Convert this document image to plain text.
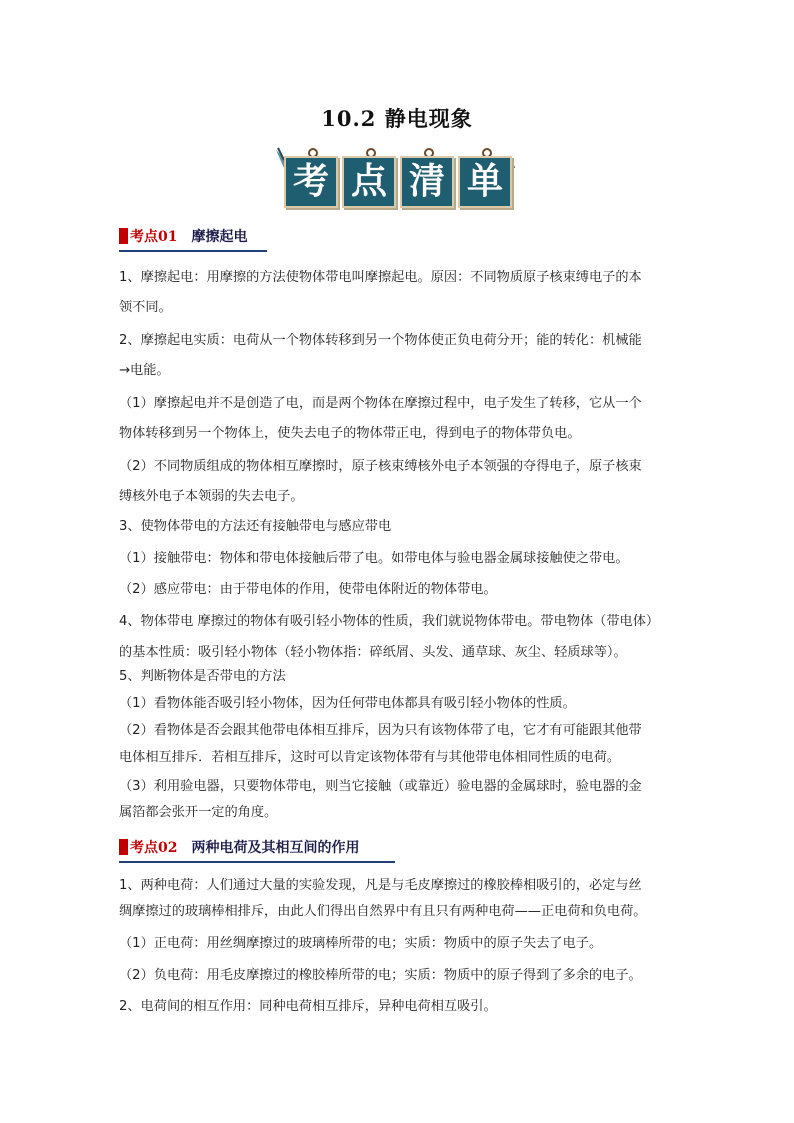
10.2 静电现象
考 点 清 单
考点01 摩擦起电
1、摩擦起电：用摩擦的方法使物体带电叫摩擦起电。原因：不同物质原子核束缚电子的本
领不同。
2、摩擦起电实质：电荷从一个物体转移到另一个物体使正负电荷分开；能的转化：机械能
→电能。
（1）摩擦起电并不是创造了电，而是两个物体在摩擦过程中，电子发生了转移，它从一个
物体转移到另一个物体上，使失去电子的物体带正电，得到电子的物体带负电。
（2）不同物质组成的物体相互摩擦时，原子核束缚核外电子本领强的夺得电子，原子核束
缚核外电子本领弱的失去电子。
3、使物体带电的方法还有接触带电与感应带电
（1）接触带电：物体和带电体接触后带了电。如带电体与验电器金属球接触使之带电。
（2）感应带电：由于带电体的作用，使带电体附近的物体带电。
4、物体带电 摩擦过的物体有吸引轻小物体的性质，我们就说物体带电。带电物体（带电体）
的基本性质：吸引轻小物体（轻小物体指：碎纸屑、头发、通草球、灰尘、轻质球等）。
5、判断物体是否带电的方法
（1）看物体能否吸引轻小物体，因为任何带电体都具有吸引轻小物体的性质。
（2）看物体是否会跟其他带电体相互排斥，因为只有该物体带了电，它才有可能跟其他带
电体相互排斥．若相互排斥，这时可以肯定该物体带有与其他带电体相同性质的电荷。
（3）利用验电器，只要物体带电，则当它接触（或靠近）验电器的金属球时，验电器的金
属箔都会张开一定的角度。
考点02 两种电荷及其相互间的作用
1、两种电荷：人们通过大量的实验发现，凡是与毛皮摩擦过的橡胶棒相吸引的，必定与丝
绸摩擦过的玻璃棒相排斥，由此人们得出自然界中有且只有两种电荷——正电荷和负电荷。
（1）正电荷：用丝绸摩擦过的玻璃棒所带的电；实质：物质中的原子失去了电子。
（2）负电荷：用毛皮摩擦过的橡胶棒所带的电；实质：物质中的原子得到了多余的电子。
2、电荷间的相互作用：同种电荷相互排斥，异种电荷相互吸引。
